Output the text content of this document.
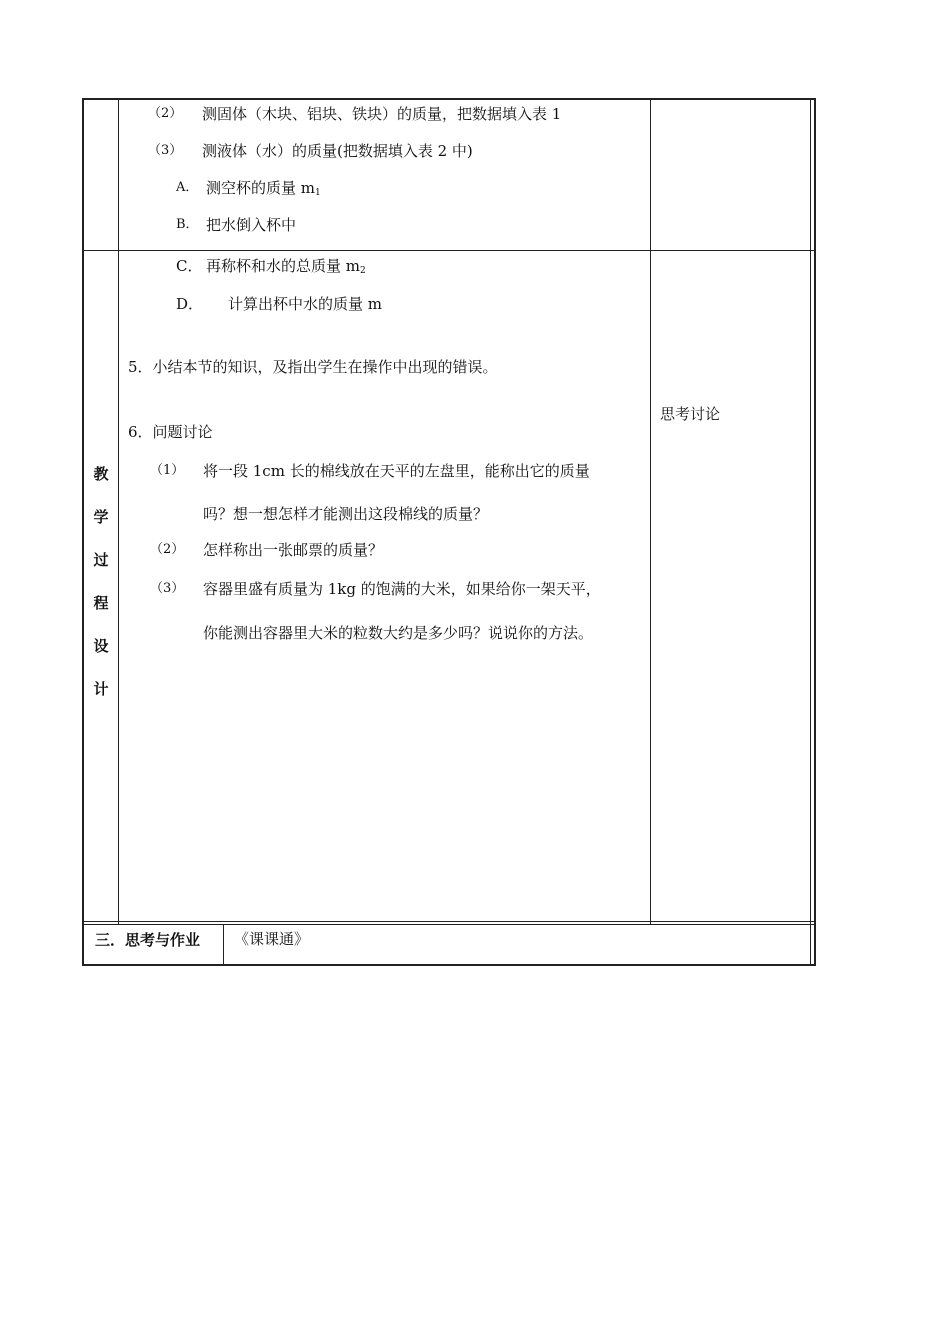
（2） 测固体（木块、铝块、铁块）的质量，把数据填入表 1
（3） 测液体（水）的质量(把数据填入表 2 中)
A． 测空杯的质量 $m_1$
B． 把水倒入杯中
C． 再称杯和水的总质量 $m_2$
D． 计算出杯中水的质量 m
5．小结本节的知识，及指出学生在操作中出现的错误。
6．问题讨论
（1） 将一段 1cm 长的棉线放在天平的左盘里，能称出它的质量
吗？想一想怎样才能测出这段棉线的质量？
（2） 怎样称出一张邮票的质量？
（3） 容器里盛有质量为 1kg 的饱满的大米，如果给你一架天平，
你能测出容器里大米的粒数大约是多少吗？说说你的方法。
教
学
过
程
设
计
思考讨论
三．思考与作业 《课课通》
